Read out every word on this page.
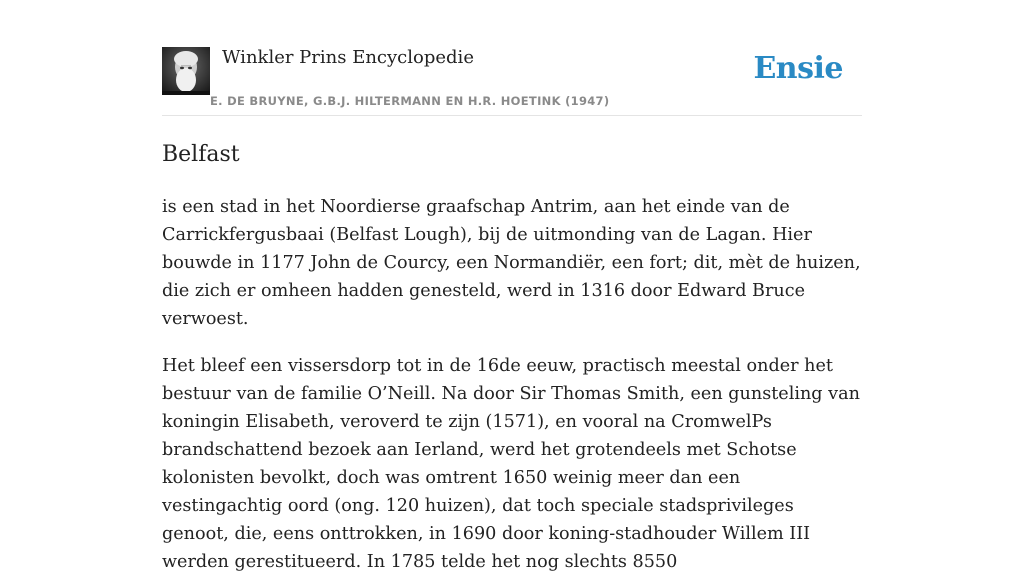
Winkler Prins Encyclopedie
E. DE BRUYNE, G.B.J. HILTERMANN EN H.R. HOETINK (1947)
Ensie
Belfast

is een stad in het Noordierse graafschap Antrim, aan het einde van de Carrickfergusbaai (Belfast Lough), bij de uitmonding van de Lagan. Hier bouwde in 1177 John de Courcy, een Normandiër, een fort; dit, mèt de huizen, die zich er omheen hadden genesteld, werd in 1316 door Edward Bruce verwoest.

Het bleef een vissersdorp tot in de 16de eeuw, practisch meestal onder het bestuur van de familie O’Neill. Na door Sir Thomas Smith, een gunsteling van koningin Elisabeth, veroverd te zijn (1571), en vooral na CromwelPs brandschattend bezoek aan Ierland, werd het grotendeels met Schotse kolonisten bevolkt, doch was omtrent 1650 weinig meer dan een vestingachtig oord (ong. 120 huizen), dat toch speciale stadsprivileges genoot, die, eens onttrokken, in 1690 door koning-stadhouder Willem III werden gerestitueerd. In 1785 telde het nog slechts 8550
